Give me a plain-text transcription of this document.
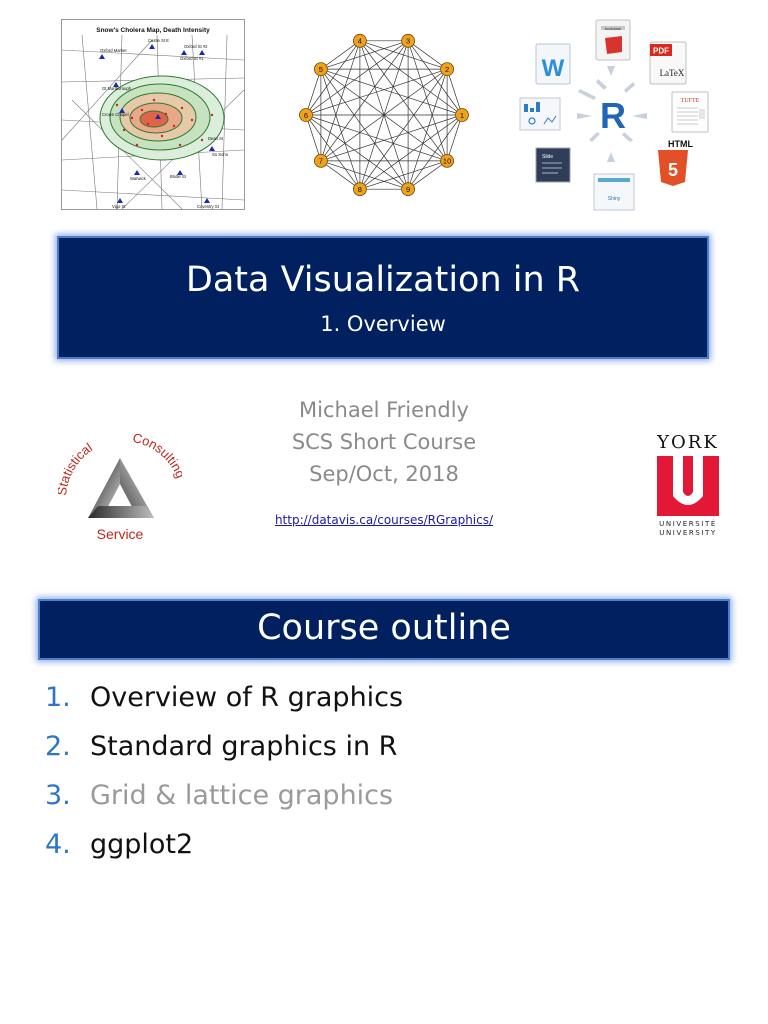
Snow's Cholera Map, Death Intensity
Oxford Market
Castle St E
Oxford St #1
Oxford St #2
Gt Marlborough
Crown Chapel
Bridle St
So Soho
Warwick
Dean St
Vigo St	Coventry St
4	3
5	2
6	1
7	10
8	9
R
W
bookdown
PDF
LaTeX
TUFTE
HTML
5
Shiny
Slide
Data Visualization in R
1. Overview
atistical	Consulti
Service
Michael Friendly
SCS Short Course
Sep/Oct, 2018
http://datavis.ca/courses/RGraphics/
YORK
UNIVERSITÉ
UNIVERSITY
Course outline
1. Overview of R graphics
2. Standard graphics in R
3. Grid & lattice graphics
4. ggplot2
